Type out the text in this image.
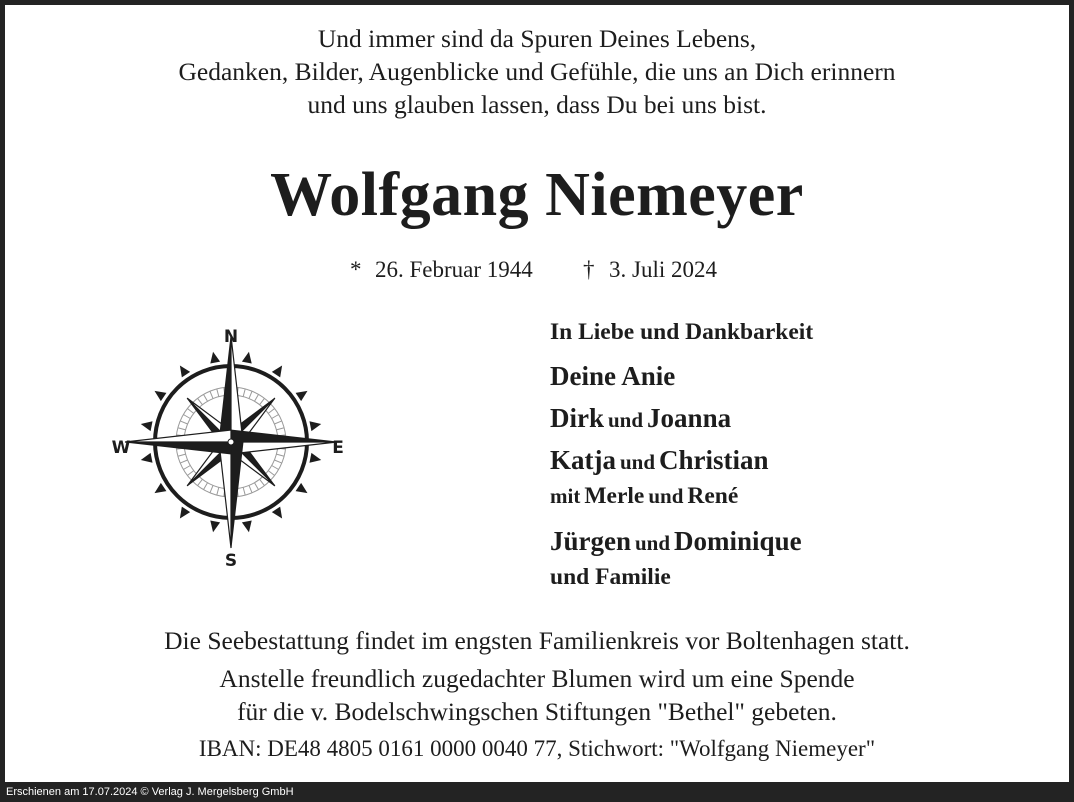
Und immer sind da Spuren Deines Lebens,
Gedanken, Bilder, Augenblicke und Gefühle, die uns an Dich erinnern
und uns glauben lassen, dass Du bei uns bist.
Wolfgang Niemeyer
* 26. Februar 1944 † 3. Juli 2024
N
S
E
W
In Liebe und Dankbarkeit
Deine Anie
Dirk und Joanna
Katja und Christian
mit Merle und René
Jürgen und Dominique
und Familie
Die Seebestattung findet im engsten Familienkreis vor Boltenhagen statt.
Anstelle freundlich zugedachter Blumen wird um eine Spende
für die v. Bodelschwingschen Stiftungen "Bethel" gebeten.
IBAN: DE48 4805 0161 0000 0040 77, Stichwort: "Wolfgang Niemeyer"
Erschienen am 17.07.2024 © Verlag J. Mergelsberg GmbH
